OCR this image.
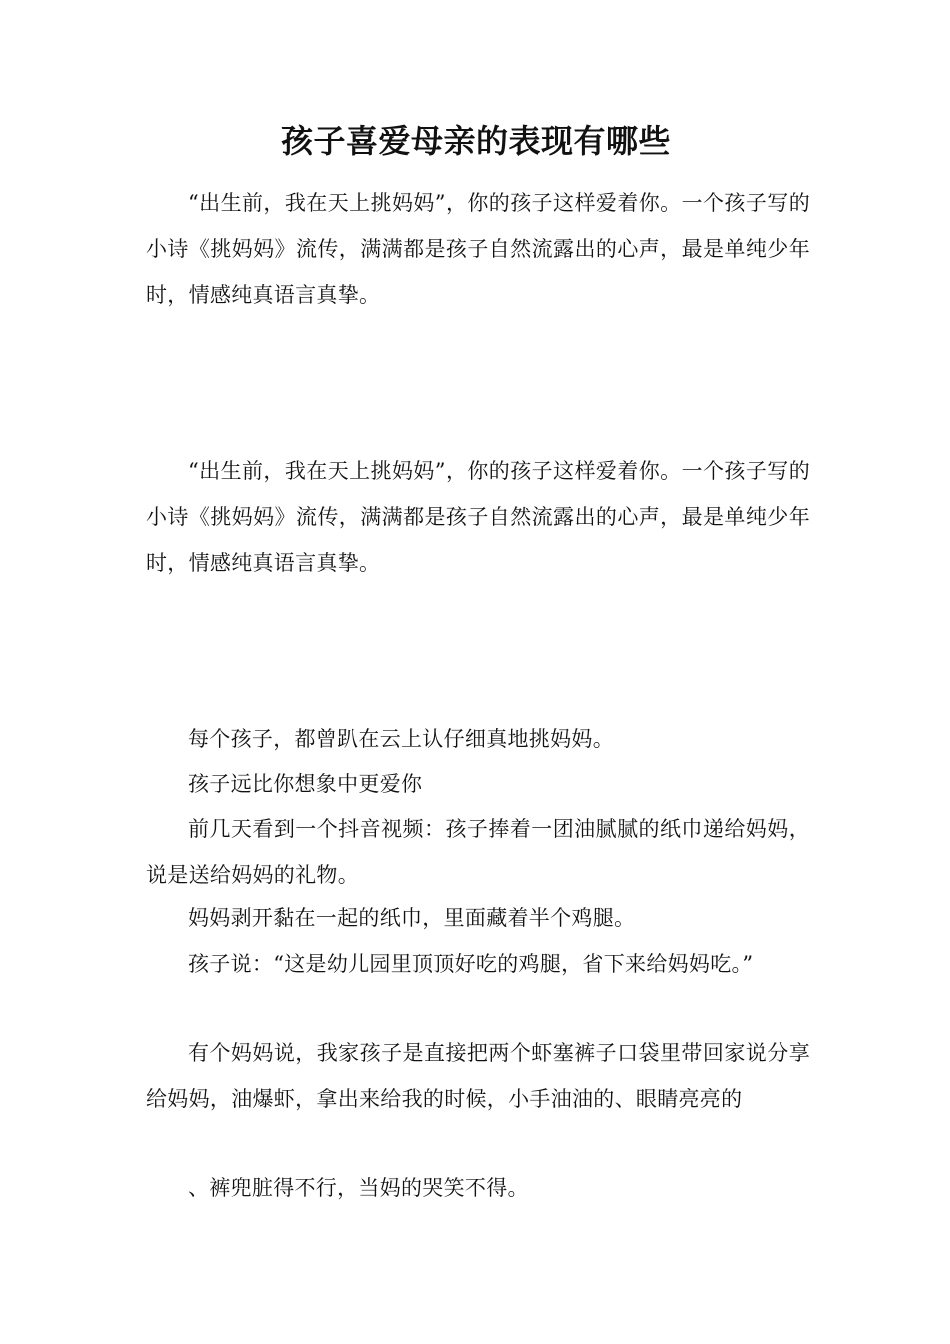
孩子喜爱母亲的表现有哪些

“出生前，我在天上挑妈妈”，你的孩子这样爱着你。一个孩子写的小诗《挑妈妈》流传，满满都是孩子自然流露出的心声，最是单纯少年时，情感纯真语言真挚。

“出生前，我在天上挑妈妈”，你的孩子这样爱着你。一个孩子写的小诗《挑妈妈》流传，满满都是孩子自然流露出的心声，最是单纯少年时，情感纯真语言真挚。

每个孩子，都曾趴在云上认仔细真地挑妈妈。

孩子远比你想象中更爱你

前几天看到一个抖音视频：孩子捧着一团油腻腻的纸巾递给妈妈，说是送给妈妈的礼物。

妈妈剥开黏在一起的纸巾，里面藏着半个鸡腿。

孩子说：“这是幼儿园里顶顶好吃的鸡腿，省下来给妈妈吃。”

有个妈妈说，我家孩子是直接把两个虾塞裤子口袋里带回家说分享给妈妈，油爆虾，拿出来给我的时候，小手油油的、眼睛亮亮的

、裤兜脏得不行，当妈的哭笑不得。
